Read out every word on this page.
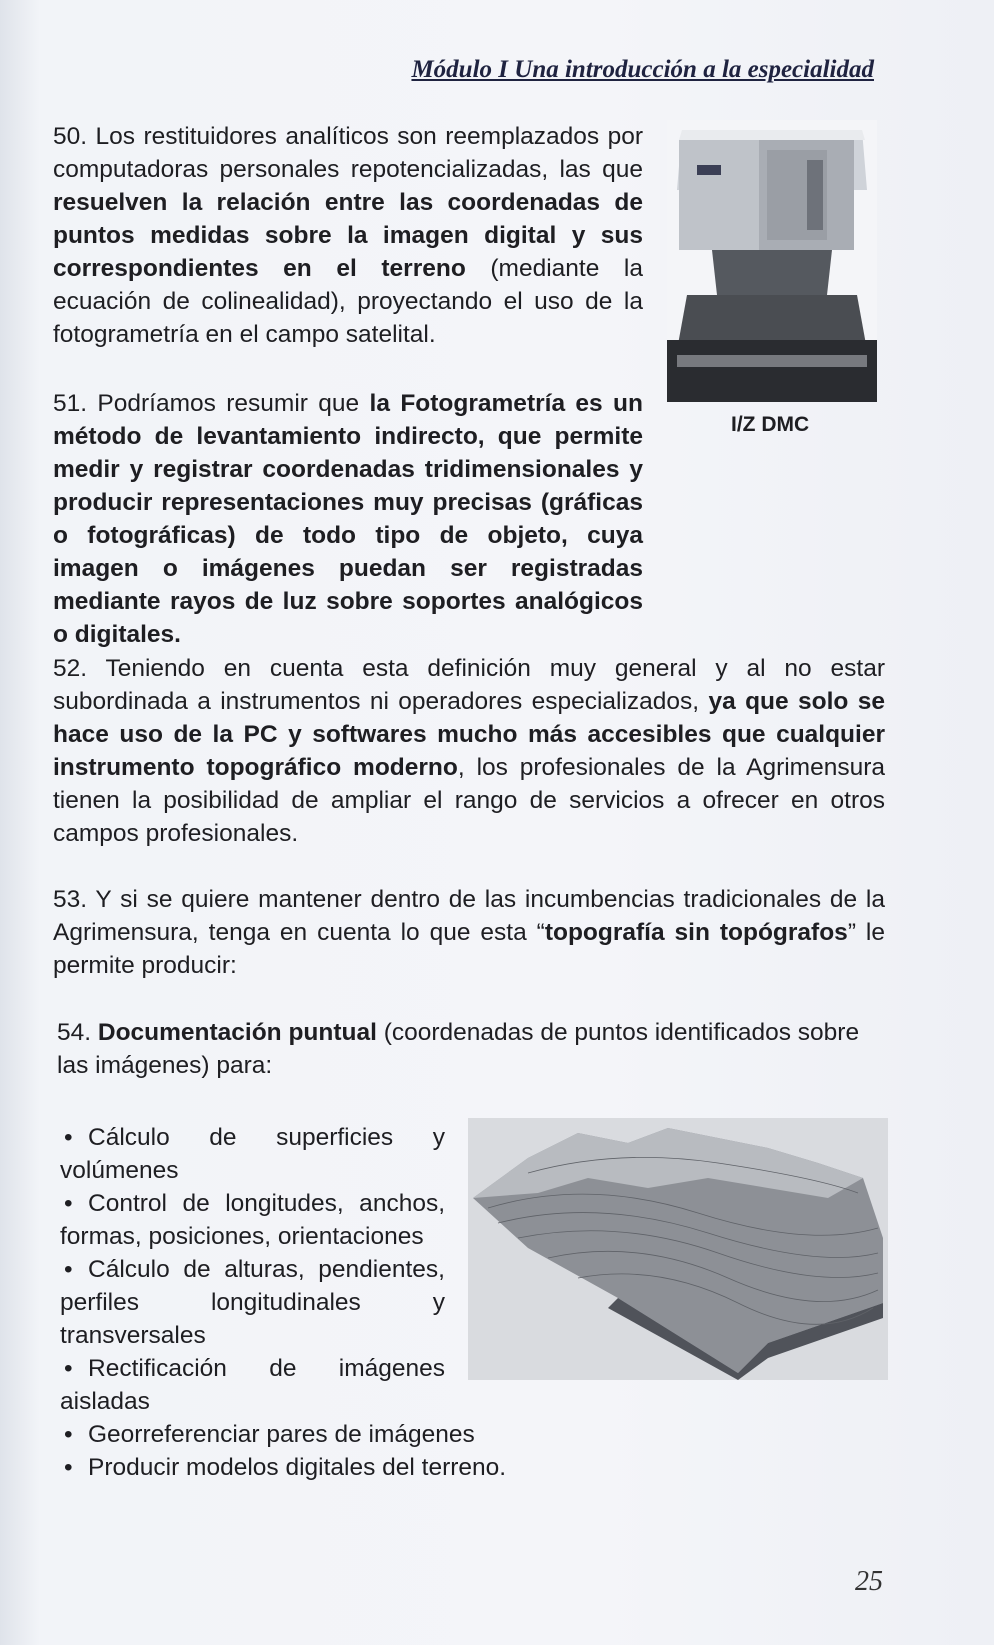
Módulo I Una introducción a la especialidad

50. Los restituidores analíticos son reemplazados por computadoras personales repotencializadas, las que resuelven la relación entre las coordenadas de puntos medidas sobre la imagen digital y sus correspondientes en el terreno (mediante la ecuación de colinealidad), proyectando el uso de la fotogrametría en el campo satelital.

I/Z DMC

51. Podríamos resumir que la Fotogrametría es un método de levantamiento indirecto, que permite medir y registrar coordenadas tridimensionales y producir representaciones muy precisas (gráficas o fotográficas) de todo tipo de objeto, cuya imagen o imágenes puedan ser registradas mediante rayos de luz sobre soportes analógicos o digitales.

52. Teniendo en cuenta esta definición muy general y al no estar subordinada a instrumentos ni operadores especializados, ya que solo se hace uso de la PC y softwares mucho más accesibles que cualquier instrumento topográfico moderno, los profesionales de la Agrimensura tienen la posibilidad de ampliar el rango de servicios a ofrecer en otros campos profesionales.

53. Y si se quiere mantener dentro de las incumbencias tradicionales de la Agrimensura, tenga en cuenta lo que esta “topografía sin topógrafos” le permite producir:

54. Documentación puntual (coordenadas de puntos identificados sobre las imágenes) para:

• Cálculo de superficies y volúmenes
• Control de longitudes, anchos, formas, posiciones, orientaciones
• Cálculo de alturas, pendientes, perfiles longitudinales y transversales
• Rectificación de imágenes aisladas
• Georreferenciar pares de imágenes
• Producir modelos digitales del terreno.
25
